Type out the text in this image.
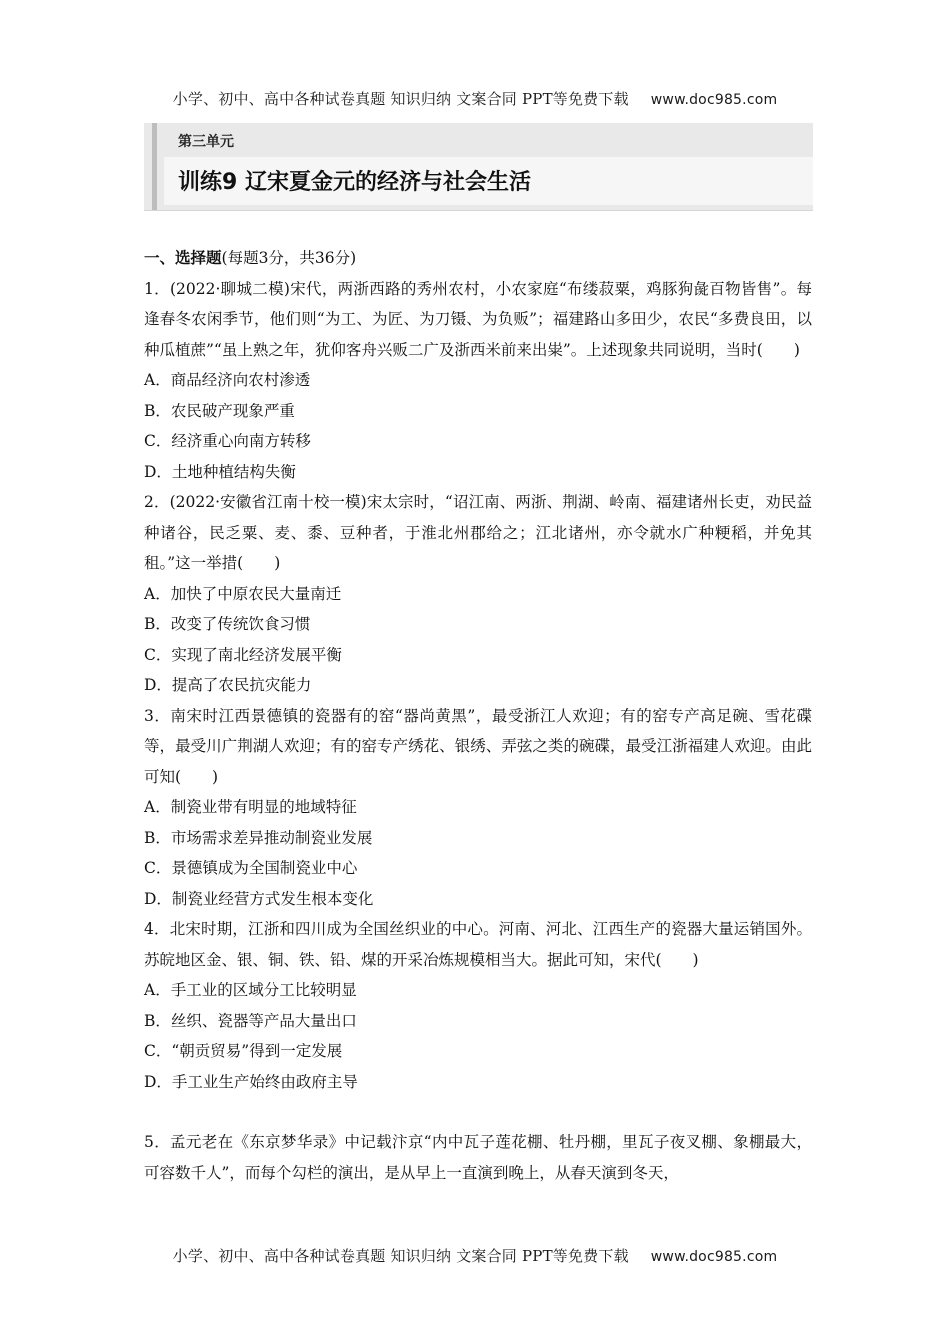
小学、初中、高中各种试卷真题 知识归纳 文案合同 PPT等免费下载 www.doc985.com
第三单元
训练9 辽宋夏金元的经济与社会生活

一、选择题(每题3分，共36分)

1．(2022·聊城二模)宋代，两浙西路的秀州农村，小农家庭“布缕菽粟，鸡豚狗彘百物皆售”。每逢春冬农闲季节，他们则“为工、为匠、为刀镊、为负贩”；福建路山多田少，农民“多费良田，以种瓜植蔗”“虽上熟之年，犹仰客舟兴贩二广及浙西米前来出粜”。上述现象共同说明，当时(　　)

A．商品经济向农村渗透

B．农民破产现象严重

C．经济重心向南方转移

D．土地种植结构失衡

2．(2022·安徽省江南十校一模)宋太宗时，“诏江南、两浙、荆湖、岭南、福建诸州长吏，劝民益种诸谷，民乏粟、麦、黍、豆种者，于淮北州郡给之；江北诸州，亦令就水广种粳稻，并免其租。”这一举措(　　)

A．加快了中原农民大量南迁

B．改变了传统饮食习惯

C．实现了南北经济发展平衡

D．提高了农民抗灾能力

3．南宋时江西景德镇的瓷器有的窑“器尚黄黑”，最受浙江人欢迎；有的窑专产高足碗、雪花碟等，最受川广荆湖人欢迎；有的窑专产绣花、银绣、弄弦之类的碗碟，最受江浙福建人欢迎。由此可知(　　)

A．制瓷业带有明显的地域特征

B．市场需求差异推动制瓷业发展

C．景德镇成为全国制瓷业中心

D．制瓷业经营方式发生根本变化

4．北宋时期，江浙和四川成为全国丝织业的中心。河南、河北、江西生产的瓷器大量运销国外。苏皖地区金、银、铜、铁、铅、煤的开采冶炼规模相当大。据此可知，宋代(　　)

A．手工业的区域分工比较明显

B．丝织、瓷器等产品大量出口

C．“朝贡贸易”得到一定发展

D．手工业生产始终由政府主导

5．孟元老在《东京梦华录》中记载汴京“内中瓦子莲花棚、牡丹棚，里瓦子夜叉棚、象棚最大，可容数千人”，而每个勾栏的演出，是从早上一直演到晚上，从春天演到冬天，

小学、初中、高中各种试卷真题 知识归纳 文案合同 PPT等免费下载 www.doc985.com
